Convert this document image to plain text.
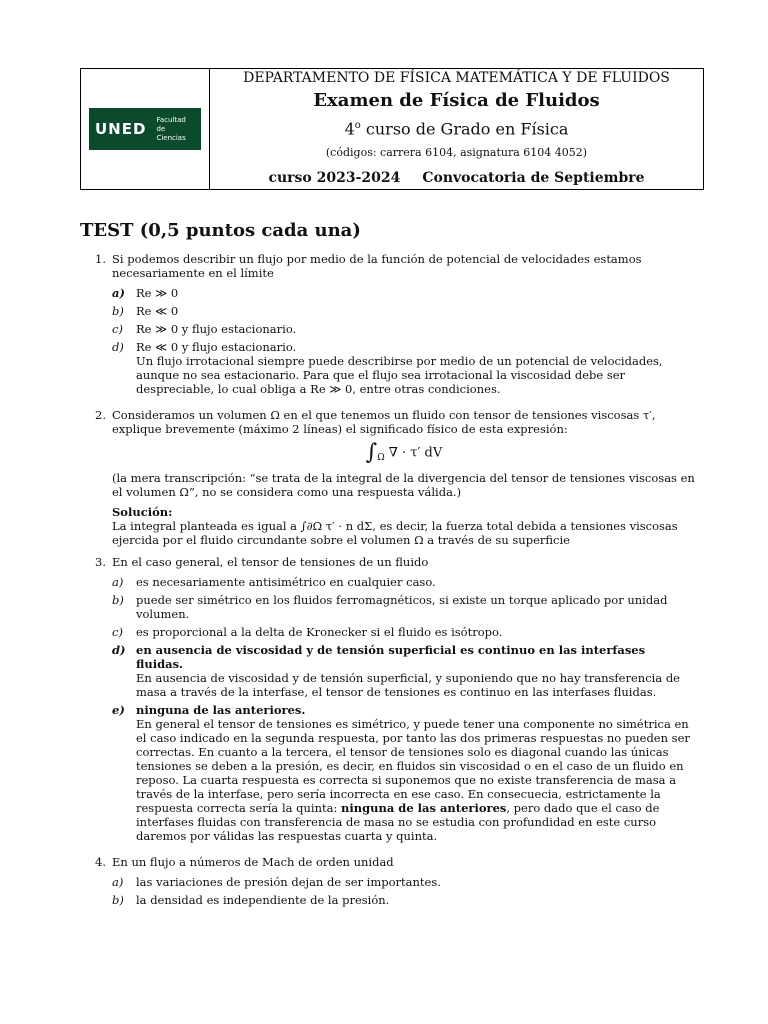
UNED
Facultad
de Ciencias
DEPARTAMENTO DE FÍSICA MATEMÁTICA Y DE FLUIDOS
Examen de Física de Fluidos
4$^o$ curso de Grado en Física
(códigos: carrera 6104, asignatura 6104 4052)
curso 2023-2024 Convocatoria de Septiembre
TEST (0,5 puntos cada una)
1. Si podemos describir un flujo por medio de la función de potencial de velocidades estamos necesariamente en el límite
a) Re ≫ 0
b)	Re ≪ 0
c)	Re ≫ 0 y flujo estacionario.
d)	Re ≪ 0 y flujo estacionario.
Un flujo irrotacional siempre puede describirse por medio de un potencial de velocidades, aunque no sea estacionario. Para que el flujo sea irrotacional la viscosidad debe ser despreciable, lo cual obliga a Re ≫ 0, entre otras condiciones.
2. Consideramos un volumen Ω en el que tenemos un fluido con tensor de tensiones viscosas τ′, explique brevemente (máximo 2 líneas) el significado físico de esta expresión:
$\int_\Omega$ ∇ · τ′ dV
(la mera transcripción: “se trata de la integral de la divergencia del tensor de tensiones viscosas en el volumen Ω”, no se considera como una respuesta válida.)
Solución:
La integral planteada es igual a ∫∂Ω τ′ · n dΣ, es decir, la fuerza total debida a tensiones viscosas ejercida por el fluido circundante sobre el volumen Ω a través de su superficie
3. En el caso general, el tensor de tensiones de un fluido
a)	es necesariamente antisimétrico en cualquier caso.
b)	puede ser simétrico en los fluidos ferromagnéticos, si existe un torque aplicado por unidad volumen.
c)	es proporcional a la delta de Kronecker si el fluido es isótropo.
d) en ausencia de viscosidad y de tensión superficial es continuo en las interfases fluidas.
En ausencia de viscosidad y de tensión superficial, y suponiendo que no hay transferencia de masa a través de la interfase, el tensor de tensiones es continuo en las interfases fluidas.
e) ninguna de las anteriores.
En general el tensor de tensiones es simétrico, y puede tener una componente no simétrica en el caso indicado en la segunda respuesta, por tanto las dos primeras respuestas no pueden ser correctas. En cuanto a la tercera, el tensor de tensiones solo es diagonal cuando las únicas tensiones se deben a la presión, es decir, en fluidos sin viscosidad o en el caso de un fluido en reposo. La cuarta respuesta es correcta si suponemos que no existe transferencia de masa a través de la interfase, pero sería incorrecta en ese caso. En consecuecia, estrictamente la respuesta correcta sería la quinta: ninguna de las anteriores, pero dado que el caso de interfases fluidas con transferencia de masa no se estudia con profundidad en este curso daremos por válidas las respuestas cuarta y quinta.
4. En un flujo a números de Mach de orden unidad
a)	las variaciones de presión dejan de ser importantes.
b)	la densidad es independiente de la presión.
